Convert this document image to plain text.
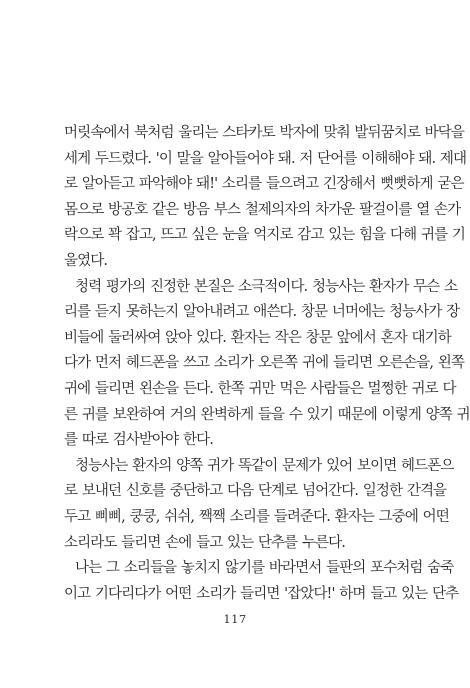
머릿속에서 북처럼 울리는 스타카토 박자에 맞춰 발뒤꿈치로 바닥을
세게 두드렸다. '이 말을 알아들어야 돼. 저 단어를 이해해야 돼. 제대
로 알아듣고 파악해야 돼!' 소리를 들으려고 긴장해서 뻣뻣하게 굳은
몸으로 방공호 같은 방음 부스 철제의자의 차가운 팔걸이를 열 손가
락으로 꽉 잡고, 뜨고 싶은 눈을 억지로 감고 있는 힘을 다해 귀를 기
울였다.
청력 평가의 진정한 본질은 소극적이다. 청능사는 환자가 무슨 소
리를 듣지 못하는지 알아내려고 애쓴다. 창문 너머에는 청능사가 장
비들에 둘러싸여 앉아 있다. 환자는 작은 창문 앞에서 혼자 대기하
다가 먼저 헤드폰을 쓰고 소리가 오른쪽 귀에 들리면 오른손을, 왼쪽
귀에 들리면 왼손을 든다. 한쪽 귀만 먹은 사람들은 멀쩡한 귀로 다
른 귀를 보완하여 거의 완벽하게 들을 수 있기 때문에 이렇게 양쪽 귀
를 따로 검사받아야 한다.
청능사는 환자의 양쪽 귀가 똑같이 문제가 있어 보이면 헤드폰으
로 보내던 신호를 중단하고 다음 단계로 넘어간다. 일정한 간격을
두고 삐삐, 쿵쿵, 쉬쉬, 짹짹 소리를 들려준다. 환자는 그중에 어떤
소리라도 들리면 손에 들고 있는 단추를 누른다.
나는 그 소리들을 놓치지 않기를 바라면서 들판의 포수처럼 숨죽
이고 기다리다가 어떤 소리가 들리면 '잡았다!' 하며 들고 있는 단추
117
